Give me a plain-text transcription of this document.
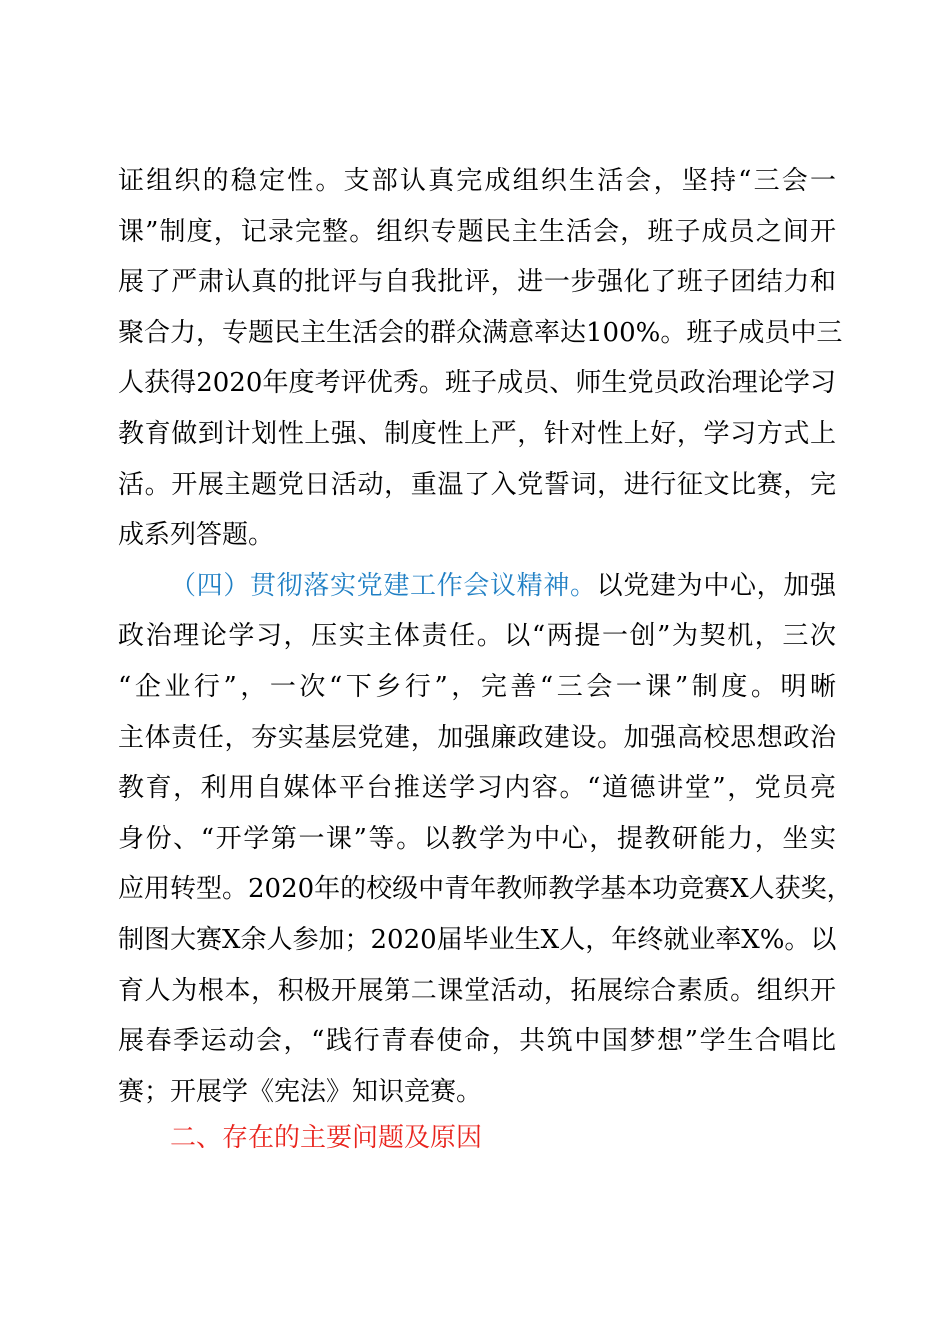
证组织的稳定性。支部认真完成组织生活会，坚持“三会一
课”制度，记录完整。组织专题民主生活会，班子成员之间开
展了严肃认真的批评与自我批评，进一步强化了班子团结力和
聚合力，专题民主生活会的群众满意率达100%。班子成员中三
人获得2020年度考评优秀。班子成员、师生党员政治理论学习
教育做到计划性上强、制度性上严，针对性上好，学习方式上
活。开展主题党日活动，重温了入党誓词，进行征文比赛，完
成系列答题。
（四）贯彻落实党建工作会议精神。以党建为中心，加强
政治理论学习，压实主体责任。以“两提一创”为契机，三次
“企业行”，一次“下乡行”，完善“三会一课”制度。明晰
主体责任，夯实基层党建，加强廉政建设。加强高校思想政治
教育，利用自媒体平台推送学习内容。“道德讲堂”，党员亮
身份、“开学第一课”等。以教学为中心，提教研能力，坐实
应用转型。2020年的校级中青年教师教学基本功竞赛X人获奖，
制图大赛X余人参加；2020届毕业生X人，年终就业率X%。以
育人为根本，积极开展第二课堂活动，拓展综合素质。组织开
展春季运动会，“践行青春使命，共筑中国梦想”学生合唱比
赛；开展学《宪法》知识竞赛。
二、存在的主要问题及原因
